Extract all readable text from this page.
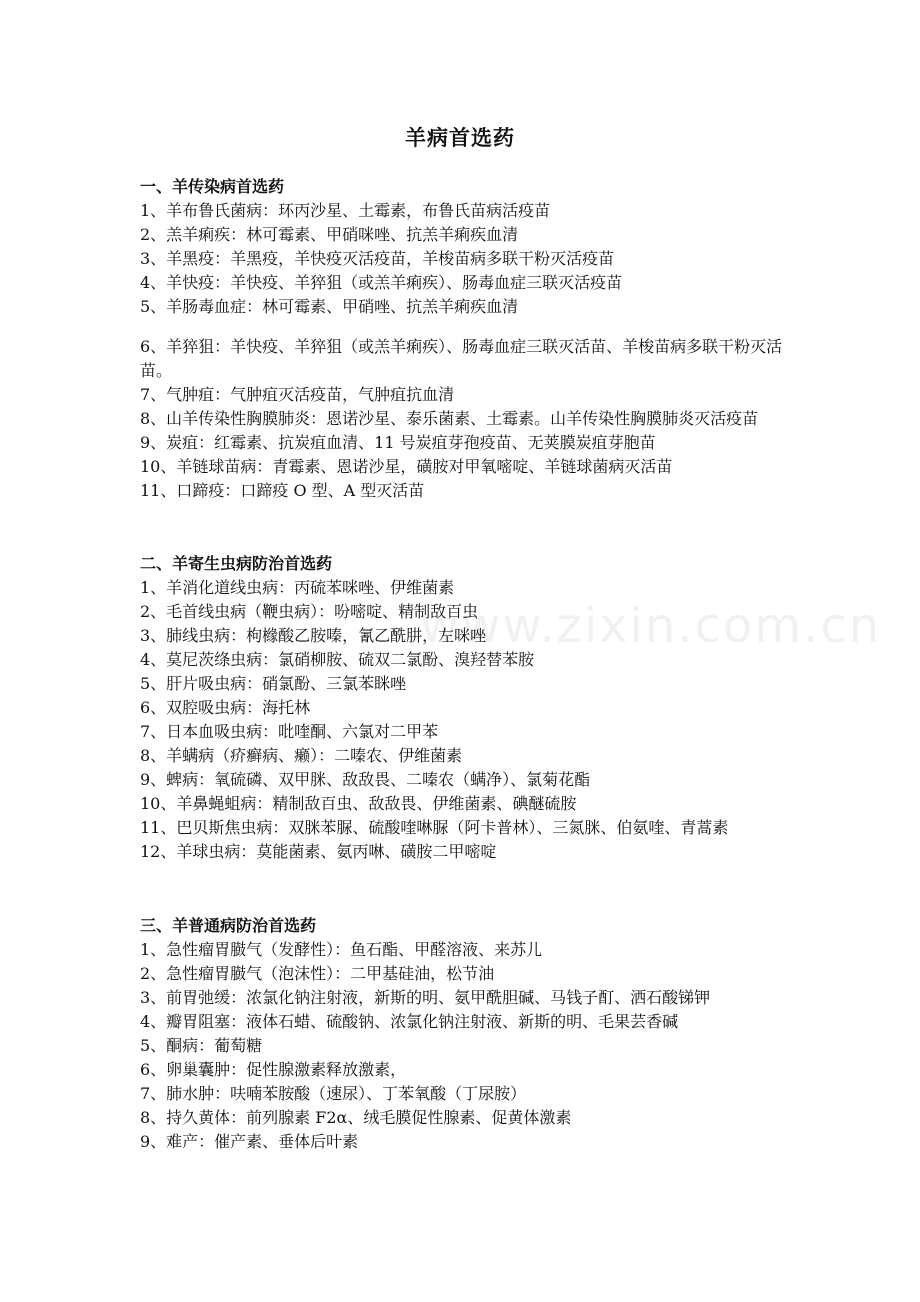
www.zixin.com.cn
羊病首选药
一、羊传染病首选药
1、羊布鲁氏菌病：环丙沙星、土霉素，布鲁氏苗病活疫苗
2、羔羊痢疾：林可霉素、甲硝咪唑、抗羔羊痢疾血清
3、羊黑疫：羊黑疫，羊快疫灭活疫苗，羊梭苗病多联干粉灭活疫苗
4、羊快疫：羊快疫、羊猝狙（或羔羊痢疾）、肠毒血症三联灭活疫苗
5、羊肠毒血症：林可霉素、甲硝唑、抗羔羊痢疾血清
6、羊猝狙：羊快疫、羊猝狙（或羔羊痢疾）、肠毒血症三联灭活苗、羊梭苗病多联干粉灭活苗。
7、气肿疽：气肿疽灭活疫苗，气肿疽抗血清
8、山羊传染性胸膜肺炎：恩诺沙星、泰乐菌素、土霉素。山羊传染性胸膜肺炎灭活疫苗
9、炭疽：红霉素、抗炭疽血清、11 号炭疽芽孢疫苗、无荚膜炭疽芽胞苗
10、羊链球苗病：青霉素、恩诺沙星，磺胺对甲氧嘧啶、羊链球菌病灭活苗
11、口蹄疫：口蹄疫 O 型、A 型灭活苗
二、羊寄生虫病防治首选药
1、羊消化道线虫病：丙硫苯咪唑、伊维菌素
2、毛首线虫病（鞭虫病）：吩嘧啶、精制敌百虫
3、肺线虫病：枸橼酸乙胺嗪，氰乙酰肼，左咪唑
4、莫尼茨绦虫病：氯硝柳胺、硫双二氯酚、溴羟替苯胺
5、肝片吸虫病：硝氯酚、三氯苯眯唑
6、双腔吸虫病：海托林
7、日本血吸虫病：吡喹酮、六氯对二甲苯
8、羊螨病（疥癣病、癞）：二嗪农、伊维菌素
9、蜱病：氧硫磷、双甲脒、敌敌畏、二嗪农（螨净）、氯菊花酯
10、羊鼻蝇蛆病：精制敌百虫、敌敌畏、伊维菌素、碘醚硫胺
11、巴贝斯焦虫病：双脒苯脲、硫酸喹啉脲（阿卡普林）、三氮脒、伯氨喹、青蒿素
12、羊球虫病：莫能菌素、氨丙啉、磺胺二甲嘧啶
三、羊普通病防治首选药
1、急性瘤胃臌气（发酵性）：鱼石酯、甲醛溶液、来苏儿
2、急性瘤胃臌气（泡沫性）：二甲基硅油，松节油
3、前胃弛缓：浓氯化钠注射液，新斯的明、氨甲酰胆碱、马钱子酊、洒石酸锑钾
4、瓣胃阻塞：液体石蜡、硫酸钠、浓氯化钠注射液、新斯的明、毛果芸香碱
5、酮病：葡萄糖
6、卵巢囊肿：促性腺激素释放激素，
7、肺水肿：呋喃苯胺酸（速尿）、丁苯氧酸（丁尿胺）
8、持久黄体：前列腺素 F2α、绒毛膜促性腺素、促黄体激素
9、难产：催产素、垂体后叶素
